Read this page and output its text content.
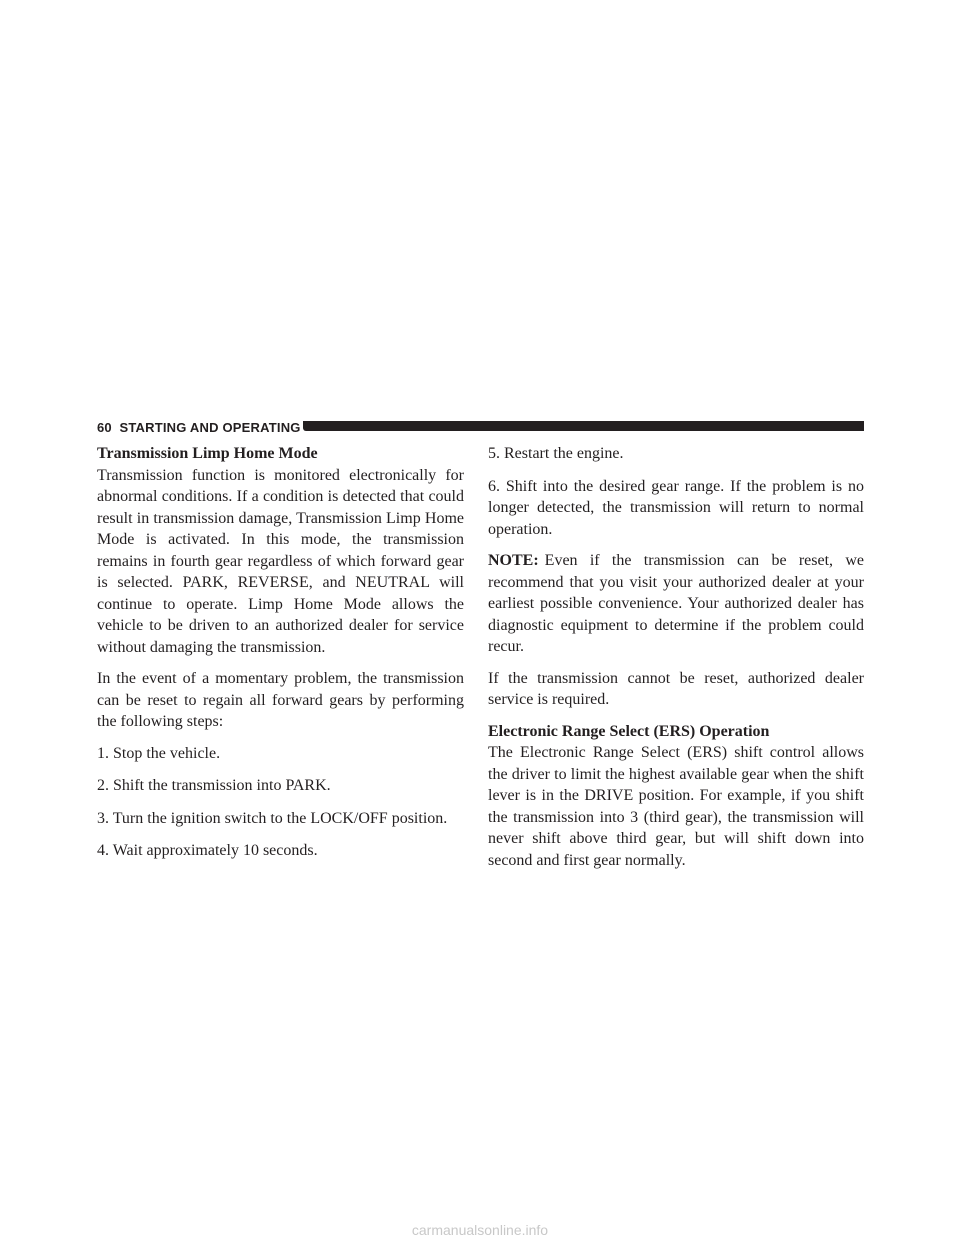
60 STARTING AND OPERATING
Transmission Limp Home Mode

Transmission function is monitored electronically for abnormal conditions. If a condition is detected that could result in transmission damage, Transmission Limp Home Mode is activated. In this mode, the transmission remains in fourth gear regardless of which forward gear is selected. PARK, REVERSE, and NEUTRAL will continue to operate. Limp Home Mode allows the vehicle to be driven to an authorized dealer for service without damaging the transmission.

In the event of a momentary problem, the transmission can be reset to regain all forward gears by performing the following steps:

1. Stop the vehicle.

2. Shift the transmission into PARK.

3. Turn the ignition switch to the LOCK/OFF position.

4. Wait approximately 10 seconds.

5. Restart the engine.

6. Shift into the desired gear range. If the problem is no longer detected, the transmission will return to normal operation.

NOTE: Even if the transmission can be reset, we recommend that you visit your authorized dealer at your earliest possible convenience. Your authorized dealer has diagnostic equipment to determine if the problem could recur.

If the transmission cannot be reset, authorized dealer service is required.

Electronic Range Select (ERS) Operation

The Electronic Range Select (ERS) shift control allows the driver to limit the highest available gear when the shift lever is in the DRIVE position. For example, if you shift the transmission into 3 (third gear), the transmission will never shift above third gear, but will shift down into second and first gear normally.

carmanualsonline.info
